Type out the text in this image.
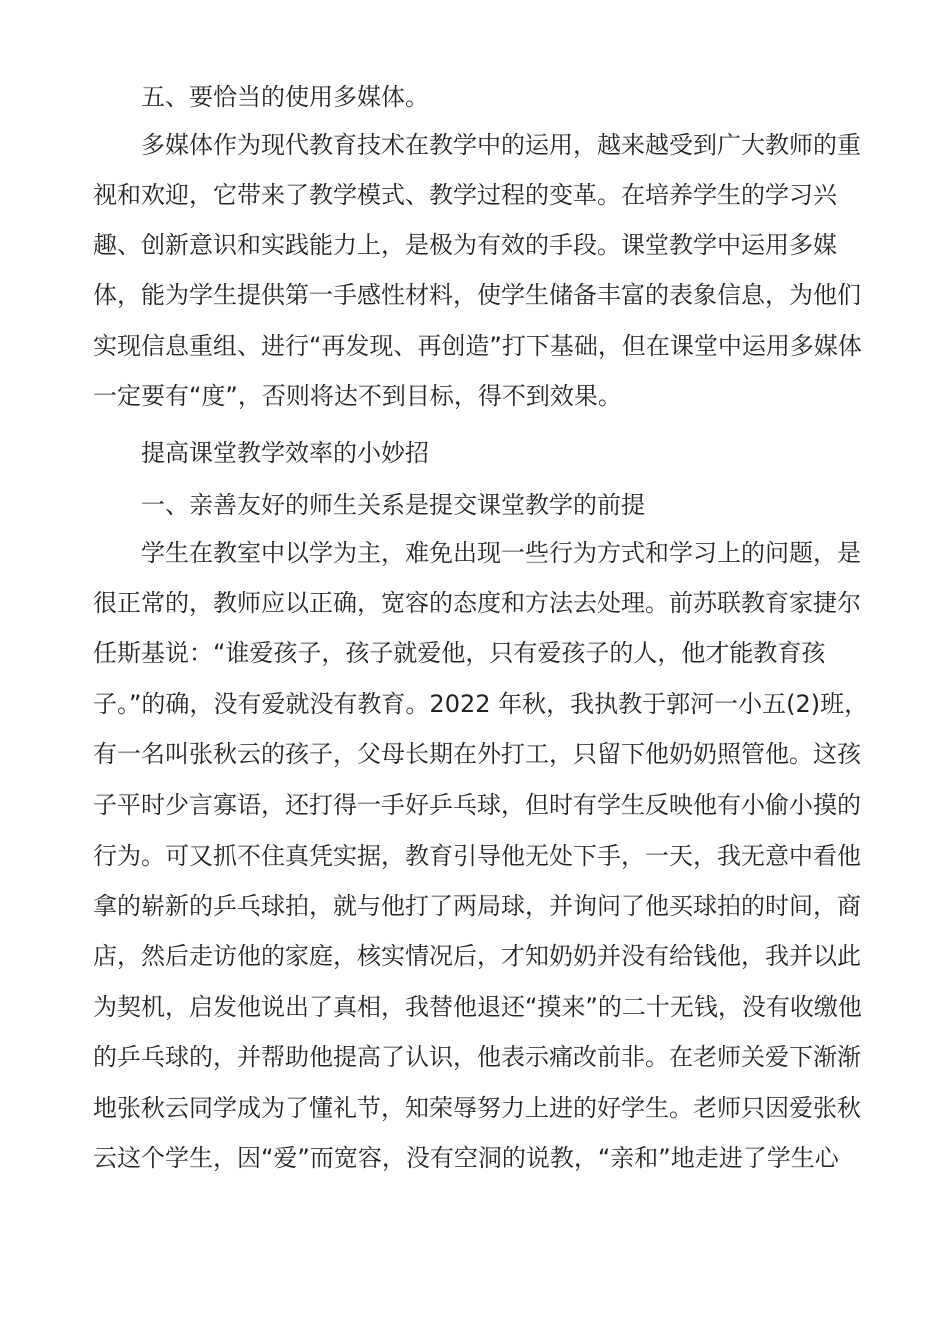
五、要恰当的使用多媒体。
多媒体作为现代教育技术在教学中的运用，越来越受到广大教师的重
视和欢迎，它带来了教学模式、教学过程的变革。在培养学生的学习兴
趣、创新意识和实践能力上，是极为有效的手段。课堂教学中运用多媒
体，能为学生提供第一手感性材料，使学生储备丰富的表象信息，为他们
实现信息重组、进行“再发现、再创造”打下基础，但在课堂中运用多媒体
一定要有“度”，否则将达不到目标，得不到效果。
提高课堂教学效率的小妙招
一、亲善友好的师生关系是提交课堂教学的前提
学生在教室中以学为主，难免出现一些行为方式和学习上的问题，是
很正常的，教师应以正确，宽容的态度和方法去处理。前苏联教育家捷尔
任斯基说：“谁爱孩子，孩子就爱他，只有爱孩子的人，他才能教育孩
子。”的确，没有爱就没有教育。2022 年秋，我执教于郭河一小五(2)班，
有一名叫张秋云的孩子，父母长期在外打工，只留下他奶奶照管他。这孩
子平时少言寡语，还打得一手好乒乓球，但时有学生反映他有小偷小摸的
行为。可又抓不住真凭实据，教育引导他无处下手，一天，我无意中看他
拿的崭新的乒乓球拍，就与他打了两局球，并询问了他买球拍的时间，商
店，然后走访他的家庭，核实情况后，才知奶奶并没有给钱他，我并以此
为契机，启发他说出了真相，我替他退还“摸来”的二十无钱，没有收缴他
的乒乓球的，并帮助他提高了认识，他表示痛改前非。在老师关爱下渐渐
地张秋云同学成为了懂礼节，知荣辱努力上进的好学生。老师只因爱张秋
云这个学生，因“爱”而宽容，没有空洞的说教，“亲和”地走进了学生心
